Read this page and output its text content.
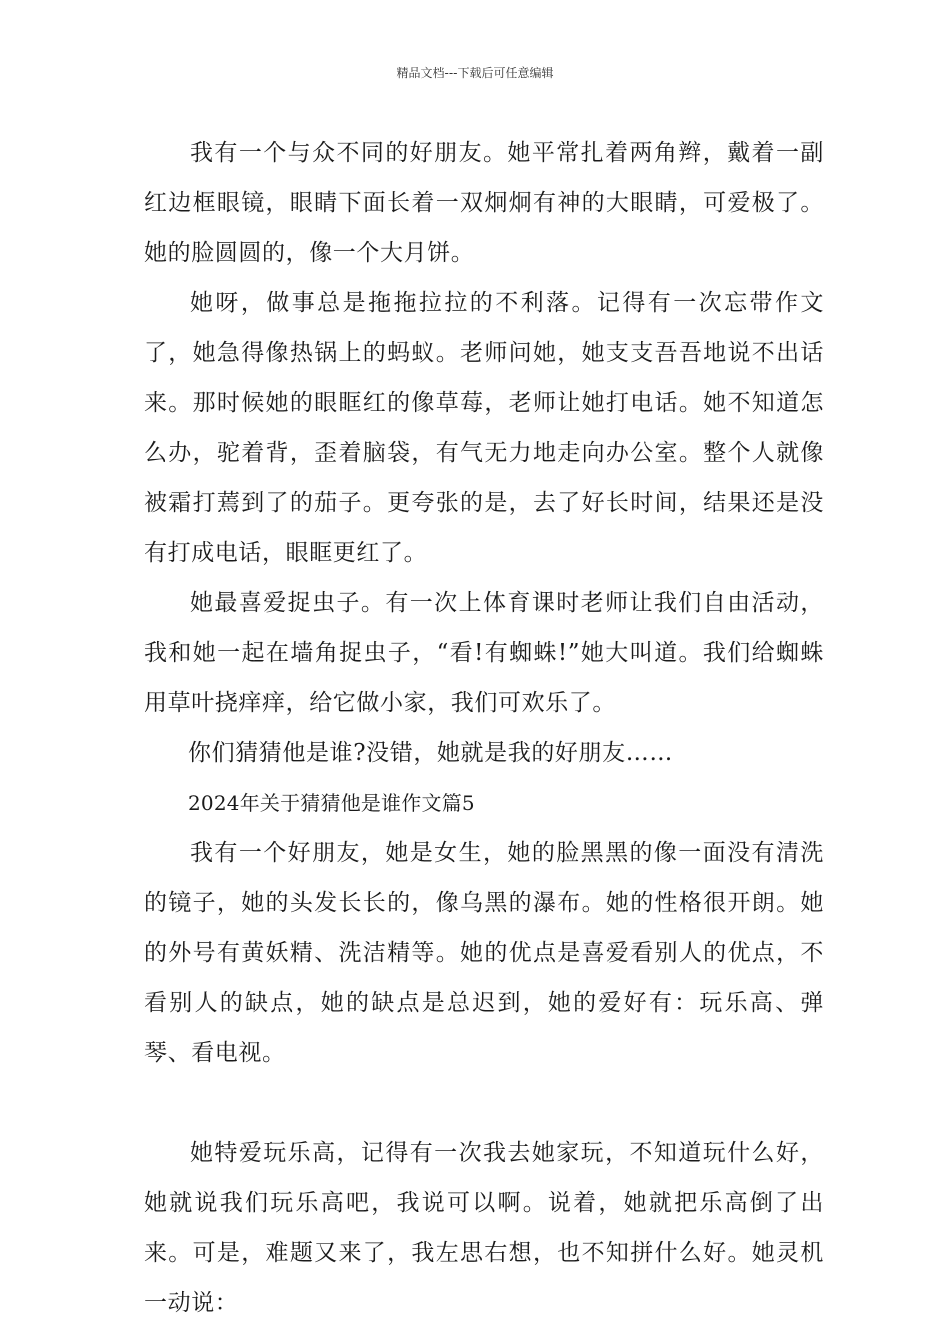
精品文档---下载后可任意编辑

我有一个与众不同的好朋友。她平常扎着两角辫，戴着一副红边框眼镜，眼睛下面长着一双炯炯有神的大眼睛，可爱极了。她的脸圆圆的，像一个大月饼。

她呀，做事总是拖拖拉拉的不利落。记得有一次忘带作文了，她急得像热锅上的蚂蚁。老师问她，她支支吾吾地说不出话来。那时候她的眼眶红的像草莓，老师让她打电话。她不知道怎么办，驼着背，歪着脑袋，有气无力地走向办公室。整个人就像被霜打蔫到了的茄子。更夸张的是，去了好长时间，结果还是没有打成电话，眼眶更红了。

她最喜爱捉虫子。有一次上体育课时老师让我们自由活动，我和她一起在墙角捉虫子，“看!有蜘蛛!”她大叫道。我们给蜘蛛用草叶挠痒痒，给它做小家，我们可欢乐了。

你们猜猜他是谁?没错，她就是我的好朋友……

2024年关于猜猜他是谁作文篇5

我有一个好朋友，她是女生，她的脸黑黑的像一面没有清洗的镜子，她的头发长长的，像乌黑的瀑布。她的性格很开朗。她的外号有黄妖精、洗洁精等。她的优点是喜爱看别人的优点，不看别人的缺点，她的缺点是总迟到，她的爱好有：玩乐高、弹琴、看电视。

她特爱玩乐高，记得有一次我去她家玩，不知道玩什么好，她就说我们玩乐高吧，我说可以啊。说着，她就把乐高倒了出来。可是，难题又来了，我左思右想，也不知拼什么好。她灵机一动说：
